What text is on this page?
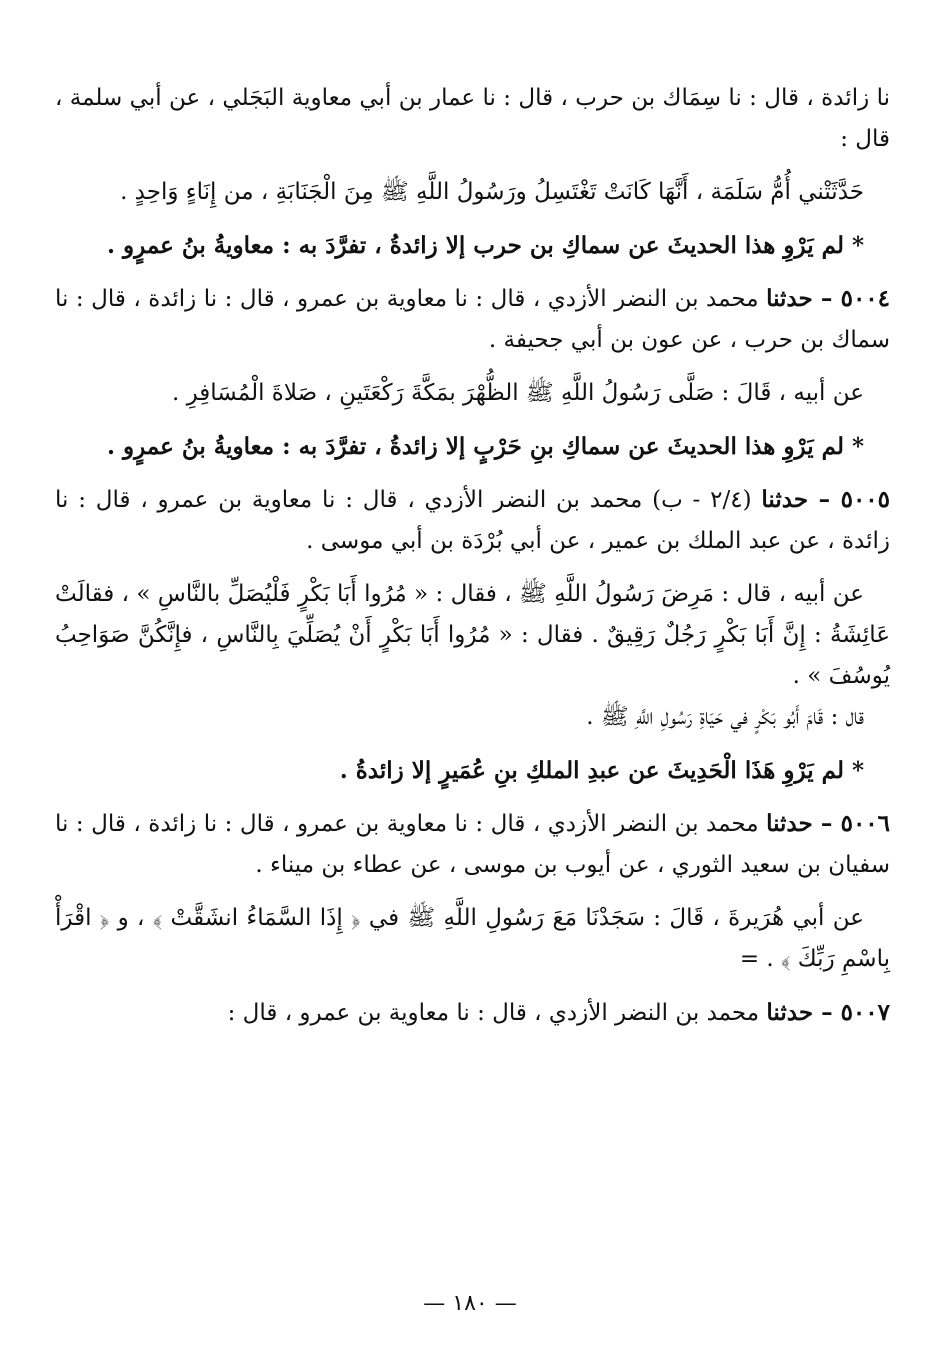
نا زائدة ، قال : نا سِمَاك بن حرب ، قال : نا عمار بن أبي معاوية البَجَلي ، عن أبي سلمة ، قال :

حَدَّثَتْني أُمُّ سَلَمَة ، أَنَّهَا كَانَتْ تَغْتَسِلُ ورَسُولُ اللَّهِ ﷺ مِنَ الْجَنَابَةِ ، من إِنَاءٍ وَاحِدٍ .

* لم يَرْوِ هذا الحديثَ عن سماكِ بن حرب إلا زائدةُ ، تفرَّدَ به : معاويةُ بنُ عمرٍو .

٥٠٠٤ – حدثنا محمد بن النضر الأزدي ، قال : نا معاوية بن عمرو ، قال : نا زائدة ، قال : نا سماك بن حرب ، عن عون بن أبي جحيفة .

عن أبيه ، قَالَ : صَلَّى رَسُولُ اللَّهِ ﷺ الظُّهْرَ بمَكَّةَ رَكْعَتَينِ ، صَلاةَ الْمُسَافِرِ .

* لم يَرْوِ هذا الحديثَ عن سماكِ بنِ حَرْبٍ إلا زائدةُ ، تفرَّدَ به : معاويةُ بنُ عمرٍو .

٥٠٠٥ – حدثنا (٢/٤ - ب) محمد بن النضر الأزدي ، قال : نا معاوية بن عمرو ، قال : نا زائدة ، عن عبد الملك بن عمير ، عن أبي بُرْدَة بن أبي موسى .

عن أبيه ، قال : مَرِضَ رَسُولُ اللَّهِ ﷺ ، فقال : « مُرُوا أَبَا بَكْرٍ فَلْيُصَلِّ بالنَّاسِ » ، فقالَتْ عَائِشَةُ : إِنَّ أَبَا بَكْرٍ رَجُلٌ رَقِيقٌ . فقال : « مُرُوا أَبَا بَكْرٍ أَنْ يُصَلِّيَ بِالنَّاسِ ، فإِنَّكُنَّ صَوَاحِبُ يُوسُفَ » .

قال : قَامَ أَبُو بَكْرٍ في حَيَاةِ رَسُولِ اللَّهِ ﷺ .

* لم يَرْوِ هَذَا الْحَدِيثَ عن عبدِ الملكِ بنِ عُمَيرٍ إلا زائدةُ .

٥٠٠٦ – حدثنا محمد بن النضر الأزدي ، قال : نا معاوية بن عمرو ، قال : نا زائدة ، قال : نا سفيان بن سعيد الثوري ، عن أيوب بن موسى ، عن عطاء بن ميناء .

عن أبي هُرَيرةَ ، قَالَ : سَجَدْنَا مَعَ رَسُولِ اللَّهِ ﷺ في ﴿ إِذَا السَّمَاءُ انشَقَّتْ ﴾ ، و ﴿ اقْرَأْ بِاسْمِ رَبِّكَ ﴾ . =

٥٠٠٧ – حدثنا محمد بن النضر الأزدي ، قال : نا معاوية بن عمرو ، قال :

— ١٨٠ —
